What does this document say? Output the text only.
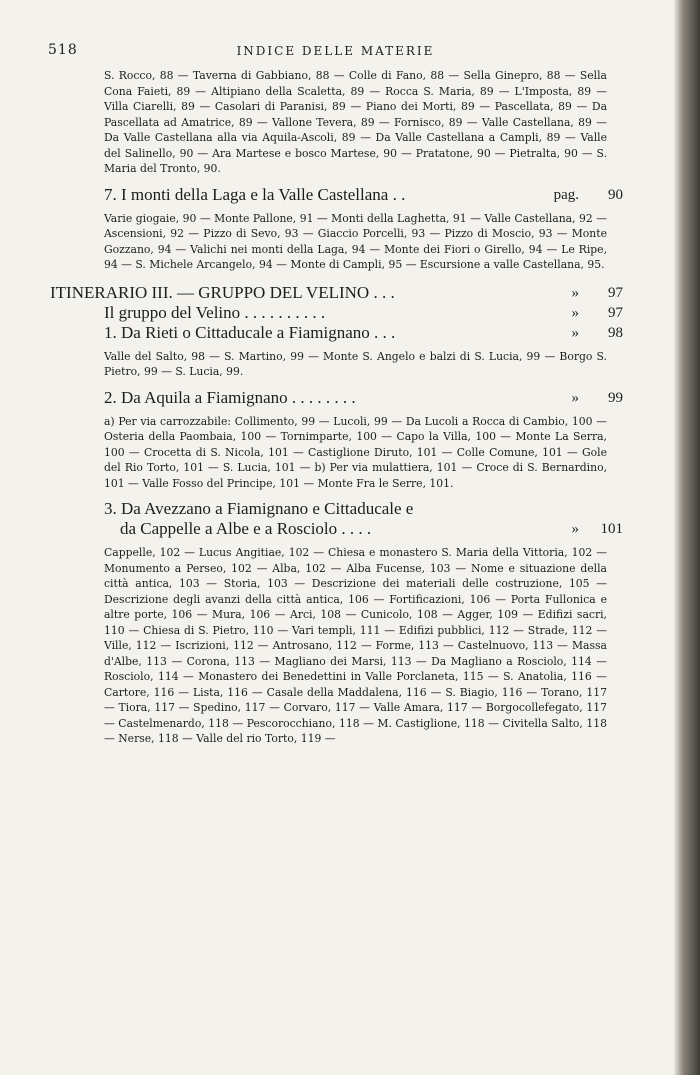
518	INDICE DELLE MATERIE
S. Rocco, 88 — Taverna di Gabbiano, 88 — Colle di Fano, 88 — Sella Ginepro, 88 — Sella Cona Faieti, 89 — Altipiano della Scaletta, 89 — Rocca S. Maria, 89 — L'Imposta, 89 — Villa Ciarelli, 89 — Casolari di Paranisi, 89 — Piano dei Morti, 89 — Pascellata, 89 — Da Pascellata ad Amatrice, 89 — Vallone Tevera, 89 — Fornisco, 89 — Valle Castellana, 89 — Da Valle Castellana alla via Aquila-Ascoli, 89 — Da Valle Castellana a Campli, 89 — Valle del Salinello, 90 — Ara Martese e bosco Martese, 90 — Pratatone, 90 — Pietralta, 90 — S. Maria del Tronto, 90.
7. I monti della Laga e la Valle Castellana . .	pag. 90
Varie giogaie, 90 — Monte Pallone, 91 — Monti della Laghetta, 91 — Valle Castellana, 92 — Ascensioni, 92 — Pizzo di Sevo, 93 — Giaccio Porcelli, 93 — Pizzo di Moscio, 93 — Monte Gozzano, 94 — Valichi nei monti della Laga, 94 — Monte dei Fiori o Girello, 94 — Le Ripe, 94 — S. Michele Arcangelo, 94 — Monte di Campli, 95 — Escursione a valle Castellana, 95.
ITINERARIO III. — GRUPPO DEL VELINO . . .	» 97
Il gruppo del Velino . . . . . . . . . .	» 97
1. Da Rieti o Cittaducale a Fiamignano . . .	» 98
Valle del Salto, 98 — S. Martino, 99 — Monte S. Angelo e balzi di S. Lucia, 99 — Borgo S. Pietro, 99 — S. Lucia, 99.
2. Da Aquila a Fiamignano . . . . . . . .	» 99
a) Per via carrozzabile: Collimento, 99 — Lucoli, 99 — Da Lucoli a Rocca di Cambio, 100 — Osteria della Paombaia, 100 — Tornimparte, 100 — Capo la Villa, 100 — Monte La Serra, 100 — Crocetta di S. Nicola, 101 — Castiglione Diruto, 101 — Colle Comune, 101 — Gole del Rio Torto, 101 — S. Lucia, 101 — b) Per via mulattiera, 101 — Croce di S. Bernardino, 101 — Valle Fosso del Principe, 101 — Monte Fra le Serre, 101.
3. Da Avezzano a Fiamignano e Cittaducale e
da Cappelle a Albe e a Rosciolo . . . .	» 101
Cappelle, 102 — Lucus Angitiae, 102 — Chiesa e monastero S. Maria della Vittoria, 102 — Monumento a Perseo, 102 — Alba, 102 — Alba Fucense, 103 — Nome e situazione della città antica, 103 — Storia, 103 — Descrizione dei materiali delle costruzione, 105 — Descrizione degli avanzi della città antica, 106 — Fortificazioni, 106 — Porta Fullonica e altre porte, 106 — Mura, 106 — Arci, 108 — Cunicolo, 108 — Agger, 109 — Edifizi sacri, 110 — Chiesa di S. Pietro, 110 — Vari templi, 111 — Edifizi pubblici, 112 — Strade, 112 — Ville, 112 — Iscrizioni, 112 — Antrosano, 112 — Forme, 113 — Castelnuovo, 113 — Massa d'Albe, 113 — Corona, 113 — Magliano dei Marsi, 113 — Da Magliano a Rosciolo, 114 — Rosciolo, 114 — Monastero dei Benedettini in Valle Porclaneta, 115 — S. Anatolia, 116 — Cartore, 116 — Lista, 116 — Casale della Maddalena, 116 — S. Biagio, 116 — Torano, 117 — Tiora, 117 — Spedino, 117 — Corvaro, 117 — Valle Amara, 117 — Borgocollefegato, 117 — Castelmenardo, 118 — Pescorocchiano, 118 — M. Castiglione, 118 — Civitella Salto, 118 — Nerse, 118 — Valle del rio Torto, 119 —
